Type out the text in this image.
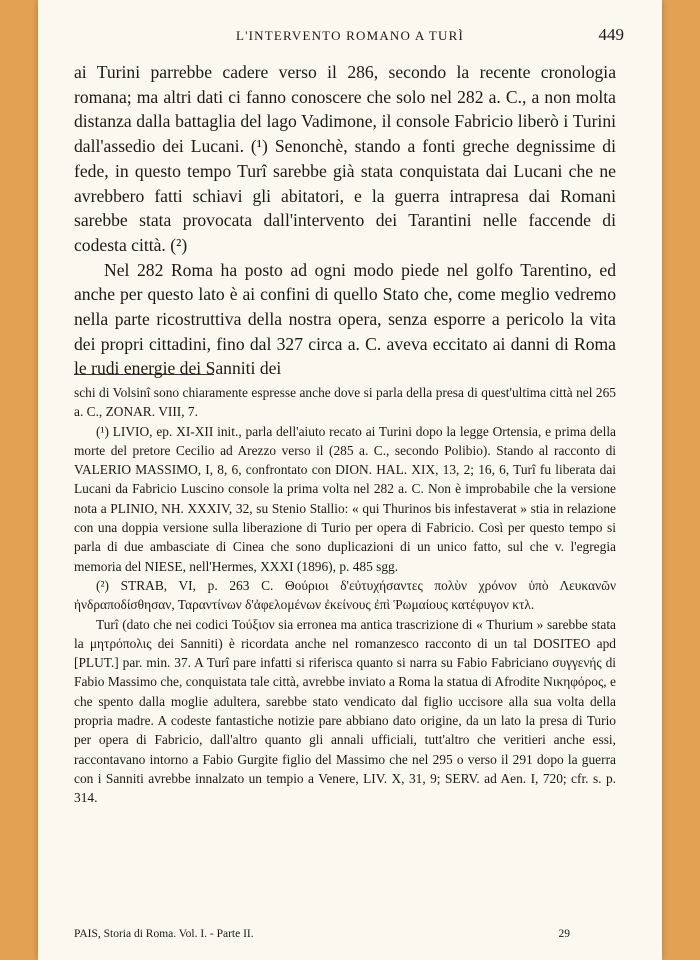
L'INTERVENTO ROMANO A TURÌ	449

ai Turini parrebbe cadere verso il 286, secondo la recente cronologia romana; ma altri dati ci fanno conoscere che solo nel 282 a. C., a non molta distanza dalla battaglia del lago Vadimone, il console Fabricio liberò i Turini dall'assedio dei Lucani. (¹) Senonchè, stando a fonti greche degnissime di fede, in questo tempo Turî sarebbe già stata conquistata dai Lucani che ne avrebbero fatti schiavi gli abitatori, e la guerra intrapresa dai Romani sarebbe stata provocata dall'intervento dei Tarantini nelle faccende di codesta città. (²)

Nel 282 Roma ha posto ad ogni modo piede nel golfo Tarentino, ed anche per questo lato è ai confini di quello Stato che, come meglio vedremo nella parte ricostruttiva della nostra opera, senza esporre a pericolo la vita dei propri cittadini, fino dal 327 circa a. C. aveva eccitato ai danni di Roma le rudi energie dei Sanniti dei

schi di Volsinî sono chiaramente espresse anche dove si parla della presa di quest'ultima città nel 265 a. C., ZONAR. VIII, 7.

(¹) LIVIO, ep. XI-XII init., parla dell'aiuto recato ai Turini dopo la legge Ortensia, e prima della morte del pretore Cecilio ad Arezzo verso il (285 a. C., secondo Polibio). Stando al racconto di VALERIO MASSIMO, I, 8, 6, confrontato con DION. HAL. XIX, 13, 2; 16, 6, Turî fu liberata dai Lucani da Fabricio Luscino console la prima volta nel 282 a. C. Non è improbabile che la versione nota a PLINIO, NH. XXXIV, 32, su Stenio Stallio: « qui Thurinos bis infestaverat » stia in relazione con una doppia versione sulla liberazione di Turio per opera di Fabricio. Così per questo tempo si parla di due ambasciate di Cinea che sono duplicazioni di un unico fatto, sul che v. l'egregia memoria del NIESE, nell'Hermes, XXXI (1896), p. 485 sgg.

(²) STRAB, VI, p. 263 C. Θούριοι δ'εὐτυχήσαντες πολὺν χρόνον ὑπὸ Λευκανῶν ἠνδραποδίσθησαν, Ταραντίνων δ'ἀφελομένων ἐκείνους ἐπὶ Ῥωμαίους κατέφυγον κτλ.

Turî (dato che nei codici Τούξιον sia erronea ma antica trascrizione di « Thurium » sarebbe stata la μητρόπολις dei Sanniti) è ricordata anche nel romanzesco racconto di un tal DOSITEO apd [PLUT.] par. min. 37. A Turî pare infatti si riferisca quanto si narra su Fabio Fabriciano συγγενής di Fabio Massimo che, conquistata tale città, avrebbe inviato a Roma la statua di Afrodite Νικηφόρος, e che spento dalla moglie adultera, sarebbe stato vendicato dal figlio uccisore alla sua volta della propria madre. A codeste fantastiche notizie pare abbiano dato origine, da un lato la presa di Turio per opera di Fabricio, dall'altro quanto gli annali ufficiali, tutt'altro che veritieri anche essi, raccontavano intorno a Fabio Gurgite figlio del Massimo che nel 295 o verso il 291 dopo la guerra con i Sanniti avrebbe innalzato un tempio a Venere, LIV. X, 31, 9; SERV. ad Aen. I, 720; cfr. s. p. 314.

PAIS, Storia di Roma. Vol. I. - Parte II.	29
